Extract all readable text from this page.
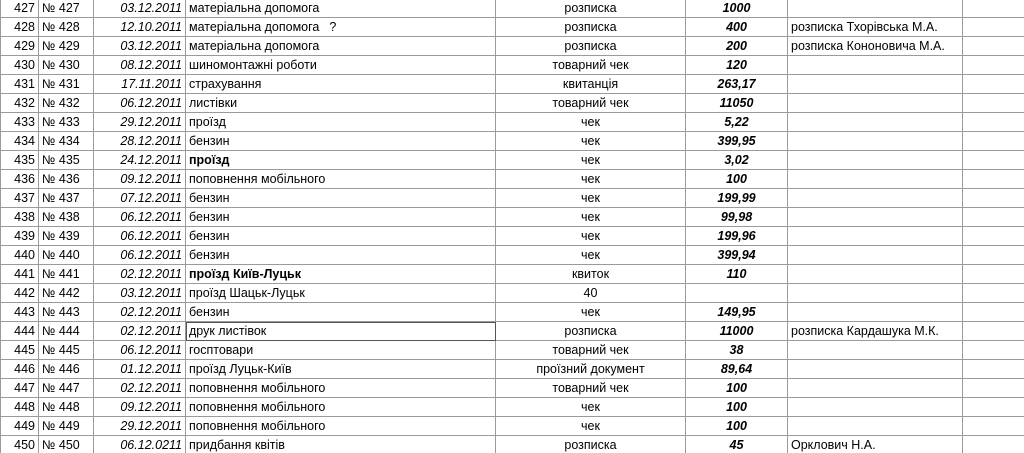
427	№ 427	03.12.2011	матеріальна допомога	розписка	1000		
428	№ 428	12.10.2011	матеріальна допомога ?	розписка	400	розписка Тхорівська М.А.	
429	№ 429	03.12.2011	матеріальна допомога	розписка	200	розписка Кононовича М.А.	
430	№ 430	08.12.2011	шиномонтажні роботи	товарний чек	120		
431	№ 431	17.11.2011	страхування	квитанція	263,17		
432	№ 432	06.12.2011	листівки	товарний чек	11050		
433	№ 433	29.12.2011	проїзд	чек	5,22		
434	№ 434	28.12.2011	бензин	чек	399,95		
435	№ 435	24.12.2011	проїзд	чек	3,02		
436	№ 436	09.12.2011	поповнення мобільного	чек	100		
437	№ 437	07.12.2011	бензин	чек	199,99		
438	№ 438	06.12.2011	бензин	чек	99,98		
439	№ 439	06.12.2011	бензин	чек	199,96		
440	№ 440	06.12.2011	бензин	чек	399,94		
441	№ 441	02.12.2011	проїзд Київ-Луцьк	квиток	110		
442	№ 442	03.12.2011	проїзд Шацьк-Луцьк	40			
443	№ 443	02.12.2011	бензин	чек	149,95		
444	№ 444	02.12.2011	друк листівок	розписка	11000	розписка Кардашука М.К.	
445	№ 445	06.12.2011	госптовари	товарний чек	38		
446	№ 446	01.12.2011	проїзд Луцьк-Київ	проїзний документ	89,64		
447	№ 447	02.12.2011	поповнення мобільного	товарний чек	100		
448	№ 448	09.12.2011	поповнення мобільного	чек	100		
449	№ 449	29.12.2011	поповнення мобільного	чек	100		
450	№ 450	06.12.0211	придбання квітів	розписка	45	Орклович Н.А.	
